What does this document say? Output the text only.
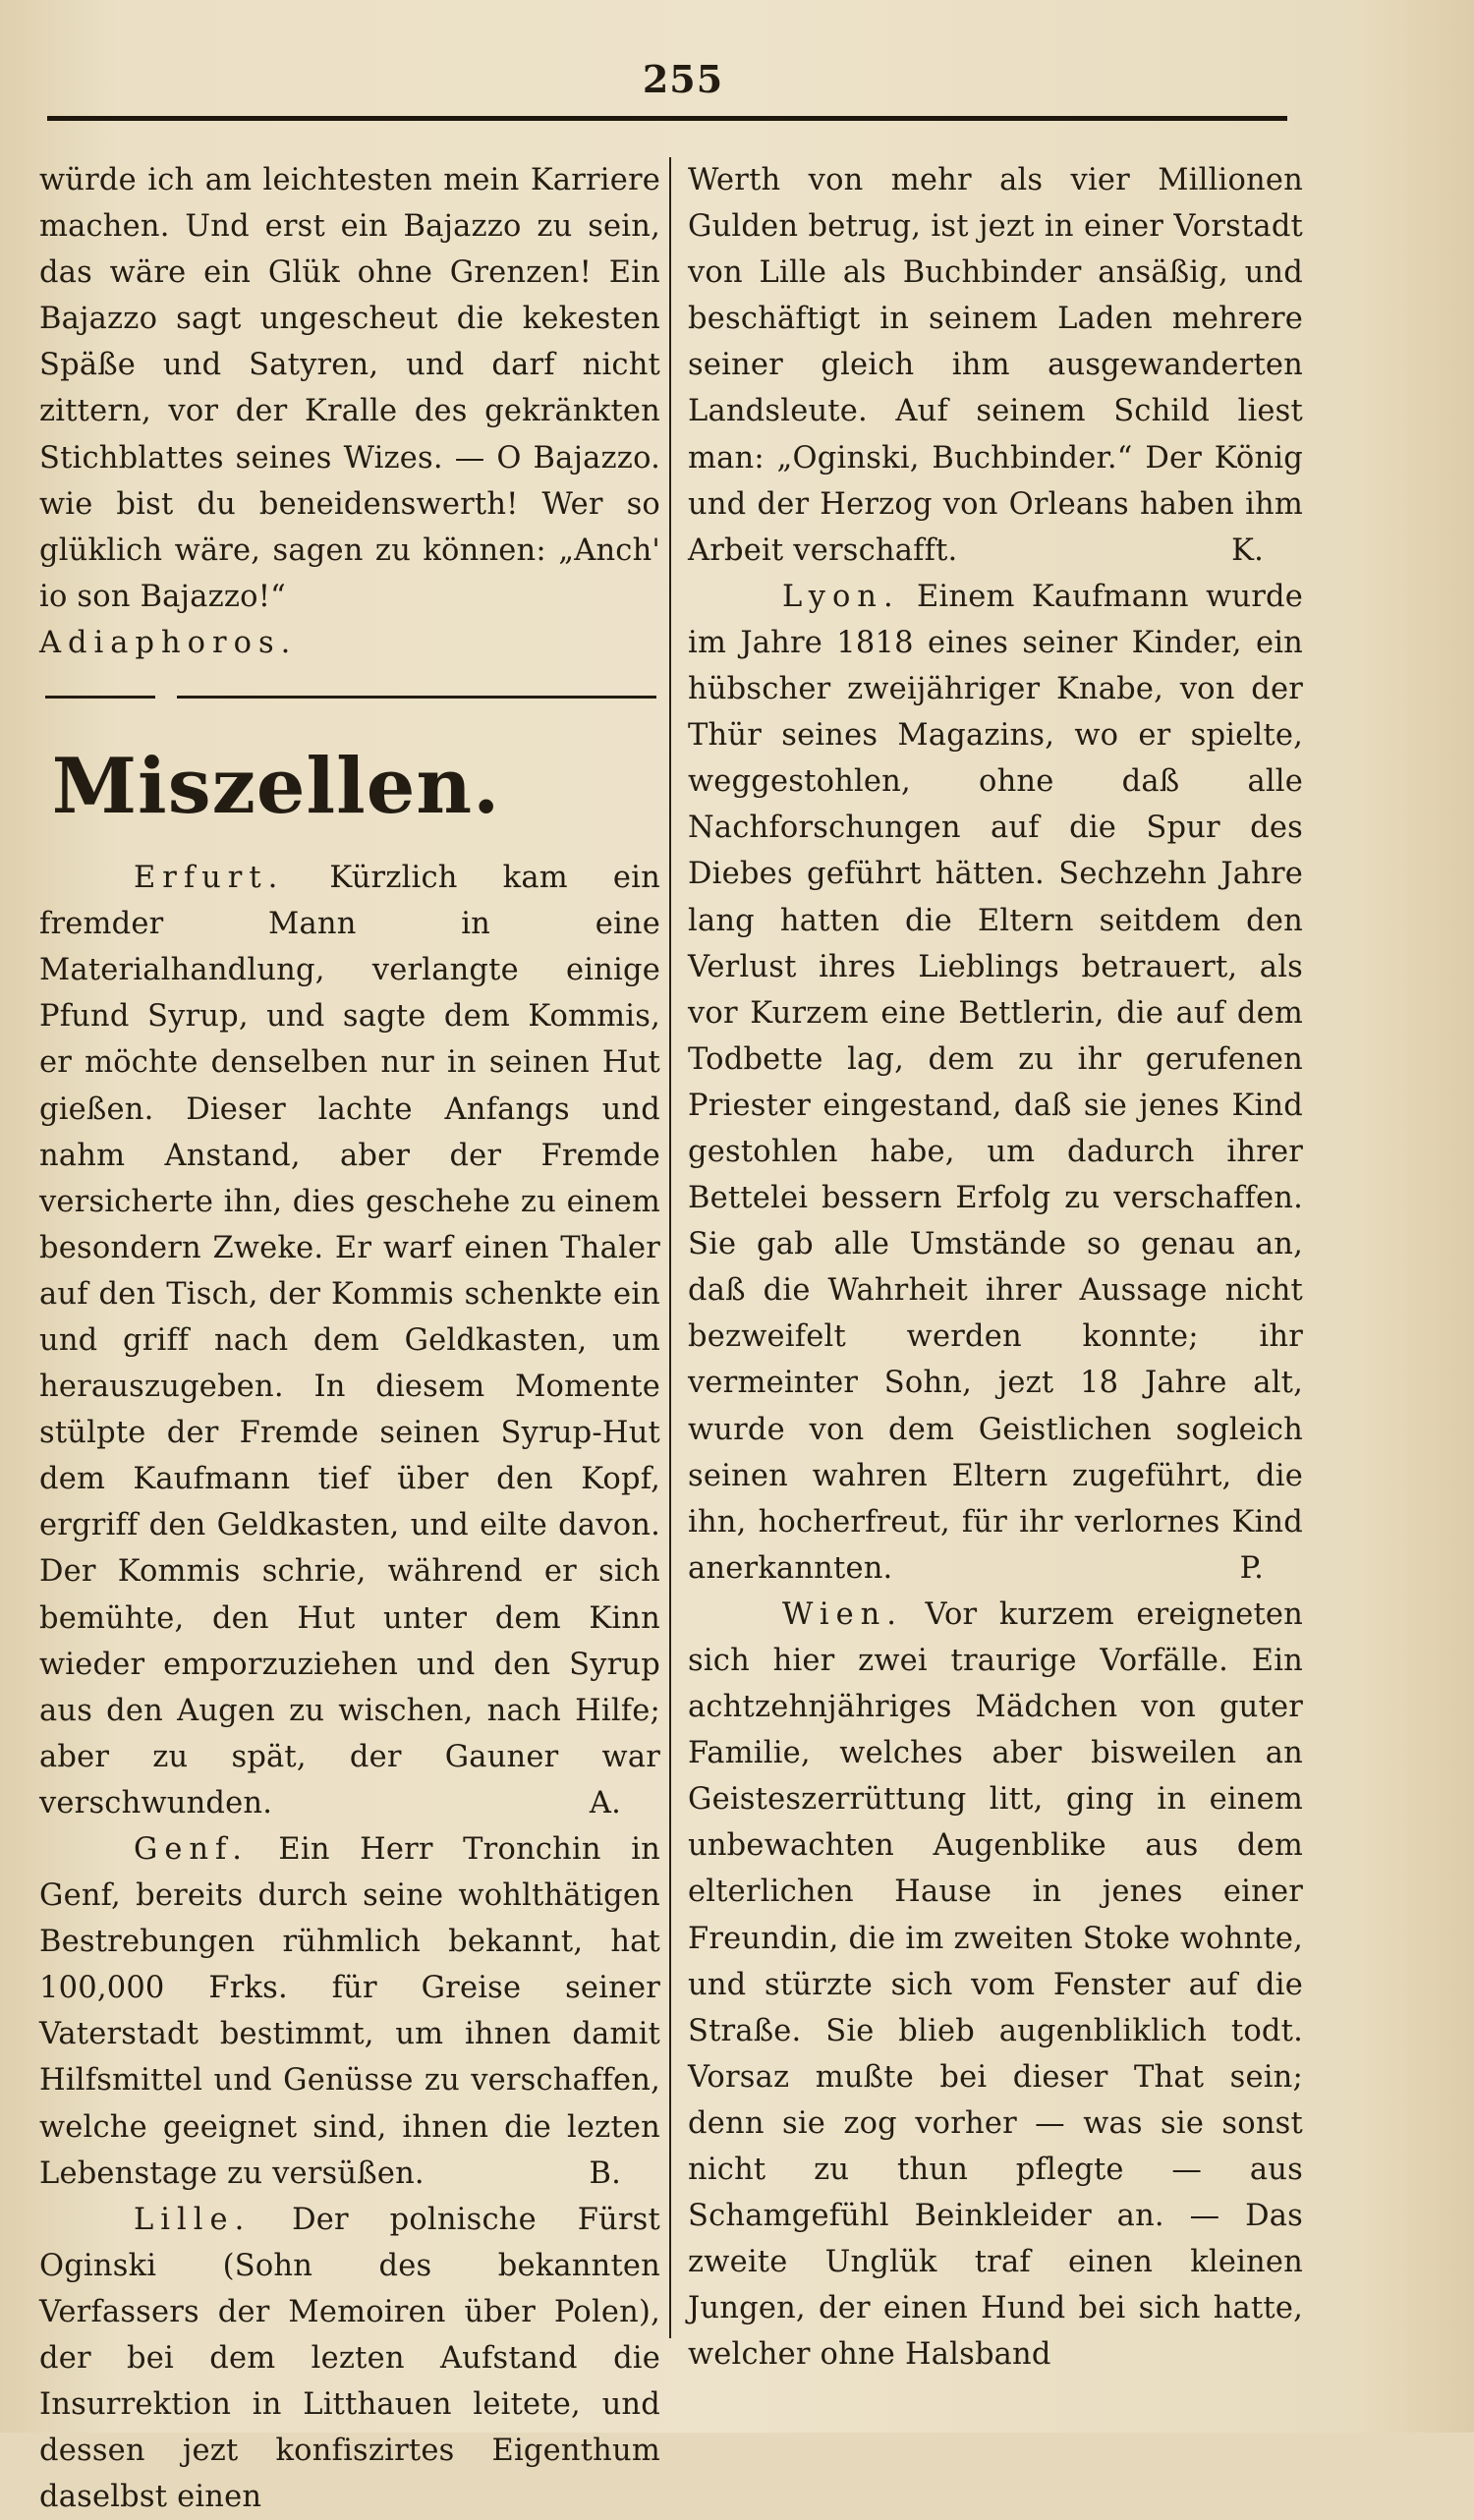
255

würde ich am leichtesten mein Karriere machen. Und erst ein Bajazzo zu sein, das wäre ein Glük ohne Grenzen! Ein Bajazzo sagt ungescheut die kekesten Späße und Satyren, und darf nicht zittern, vor der Kralle des gekränkten Stichblattes seines Wizes. — O Bajazzo. wie bist du beneidenswerth! Wer so glüklich wäre, sagen zu können: „Anch' io son Bajazzo!“

Adiaphoros.

Miszellen.

Erfurt. Kürzlich kam ein fremder Mann in eine Materialhandlung, verlangte einige Pfund Syrup, und sagte dem Kommis, er möchte denselben nur in seinen Hut gießen. Dieser lachte Anfangs und nahm Anstand, aber der Fremde versicherte ihn, dies geschehe zu einem besondern Zweke. Er warf einen Thaler auf den Tisch, der Kommis schenkte ein und griff nach dem Geldkasten, um herauszugeben. In diesem Momente stülpte der Fremde seinen Syrup-Hut dem Kaufmann tief über den Kopf, ergriff den Geldkasten, und eilte davon. Der Kommis schrie, während er sich bemühte, den Hut unter dem Kinn wieder emporzuziehen und den Syrup aus den Augen zu wischen, nach Hilfe; aber zu spät, der Gauner war verschwunden.	A.

Genf. Ein Herr Tronchin in Genf, bereits durch seine wohlthätigen Bestrebungen rühmlich bekannt, hat 100,000 Frks. für Greise seiner Vaterstadt bestimmt, um ihnen damit Hilfsmittel und Genüsse zu verschaffen, welche geeignet sind, ihnen die lezten Lebenstage zu versüßen.	B.

Lille. Der polnische Fürst Oginski (Sohn des bekannten Verfassers der Memoiren über Polen), der bei dem lezten Aufstand die Insurrektion in Litthauen leitete, und dessen jezt konfiszirtes Eigenthum daselbst einen

Werth von mehr als vier Millionen Gulden betrug, ist jezt in einer Vorstadt von Lille als Buchbinder ansäßig, und beschäftigt in seinem Laden mehrere seiner gleich ihm ausgewanderten Landsleute. Auf seinem Schild liest man: „Oginski, Buchbinder.“ Der König und der Herzog von Orleans haben ihm Arbeit verschafft.	K.

Lyon. Einem Kaufmann wurde im Jahre 1818 eines seiner Kinder, ein hübscher zweijähriger Knabe, von der Thür seines Magazins, wo er spielte, weggestohlen, ohne daß alle Nachforschungen auf die Spur des Diebes geführt hätten. Sechzehn Jahre lang hatten die Eltern seitdem den Verlust ihres Lieblings betrauert, als vor Kurzem eine Bettlerin, die auf dem Todbette lag, dem zu ihr gerufenen Priester eingestand, daß sie jenes Kind gestohlen habe, um dadurch ihrer Bettelei bessern Erfolg zu verschaffen. Sie gab alle Umstände so genau an, daß die Wahrheit ihrer Aussage nicht bezweifelt werden konnte; ihr vermeinter Sohn, jezt 18 Jahre alt, wurde von dem Geistlichen sogleich seinen wahren Eltern zugeführt, die ihn, hocherfreut, für ihr verlornes Kind anerkannten.	P.

Wien. Vor kurzem ereigneten sich hier zwei traurige Vorfälle. Ein achtzehnjähriges Mädchen von guter Familie, welches aber bisweilen an Geisteszerrüttung litt, ging in einem unbewachten Augenblike aus dem elterlichen Hause in jenes einer Freundin, die im zweiten Stoke wohnte, und stürzte sich vom Fenster auf die Straße. Sie blieb augenbliklich todt. Vorsaz mußte bei dieser That sein; denn sie zog vorher — was sie sonst nicht zu thun pflegte — aus Schamgefühl Beinkleider an. — Das zweite Unglük traf einen kleinen Jungen, der einen Hund bei sich hatte, welcher ohne Halsband
